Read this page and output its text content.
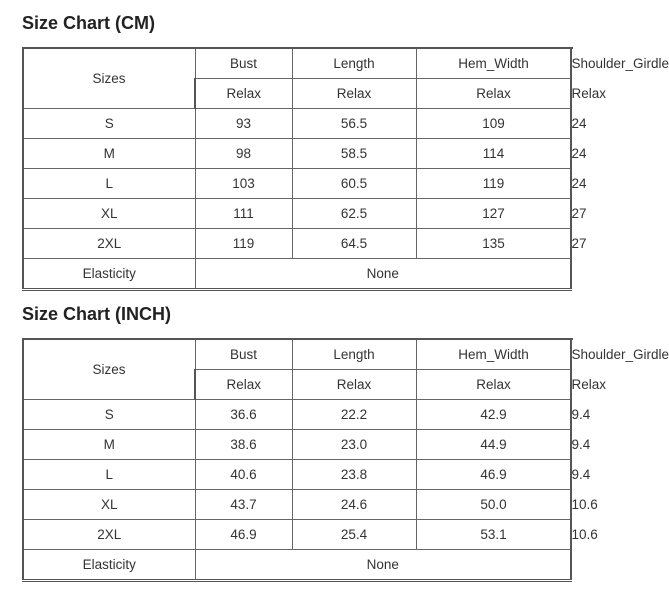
Size Chart (CM)
Sizes	Bust	Length	Hem_Width	Shoulder_Girdle
	Relax	Relax	Relax	Relax
S	93	56.5	109	24
M	98	58.5	114	24
L	103	60.5	119	24
XL	111	62.5	127	27
2XL	119	64.5	135	27
Elasticity	None			
Size Chart (INCH)
Sizes	Bust	Length	Hem_Width	Shoulder_Girdle
	Relax	Relax	Relax	Relax
S	36.6	22.2	42.9	9.4
M	38.6	23.0	44.9	9.4
L	40.6	23.8	46.9	9.4
XL	43.7	24.6	50.0	10.6
2XL	46.9	25.4	53.1	10.6
Elasticity	None			
